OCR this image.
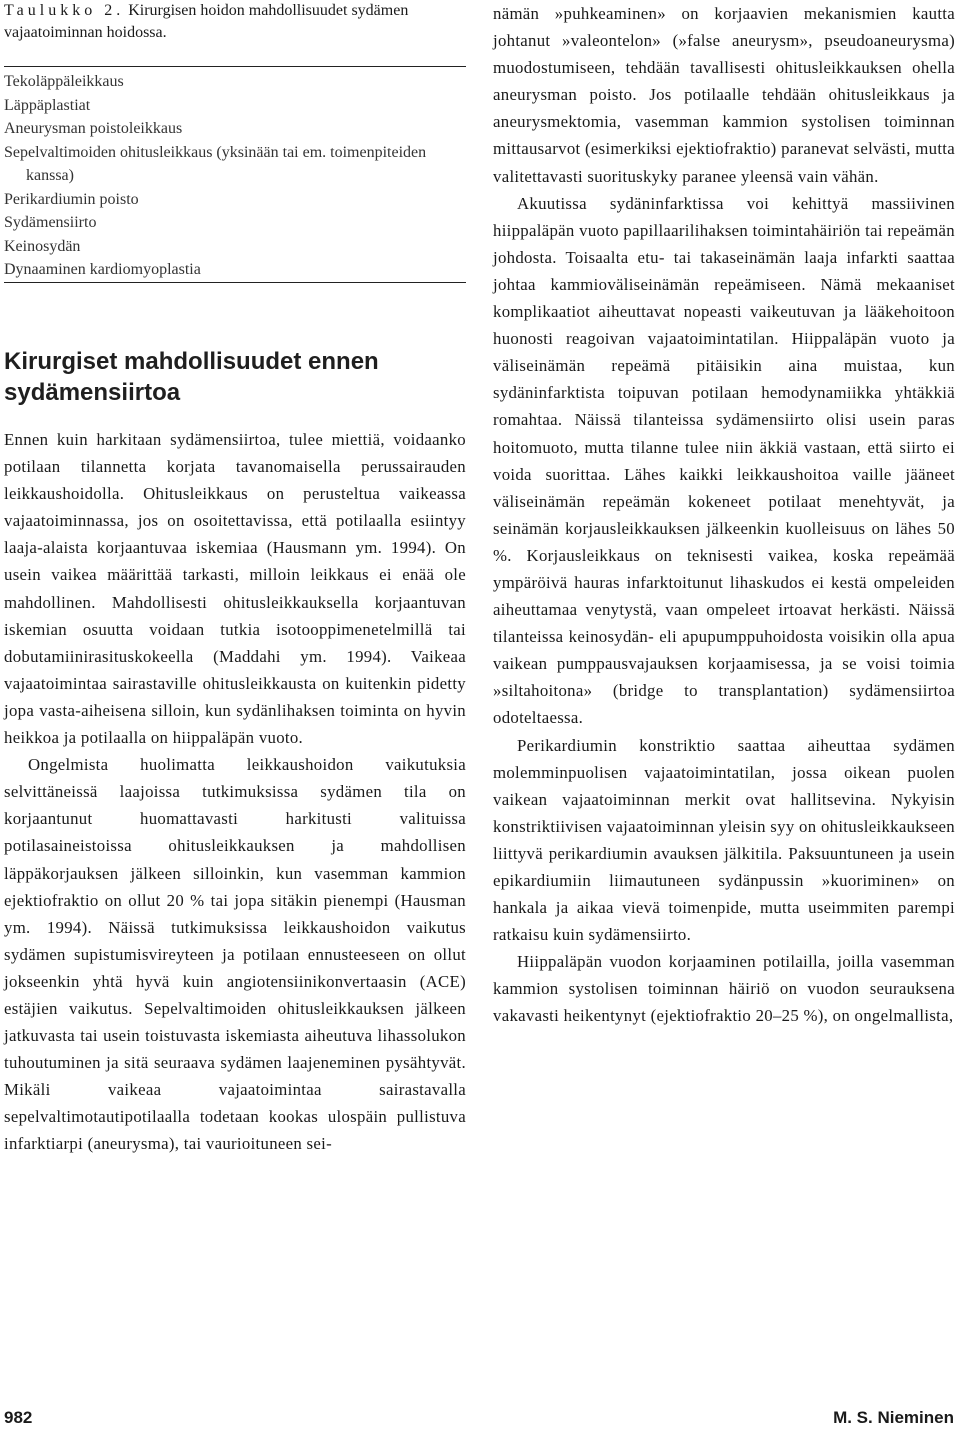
Taulukko 2. Kirurgisen hoidon mahdollisuudet sydämen vajaatoiminnan hoidossa.

Tekoläppäleikkaus
Läppäplastiat
Aneurysman poistoleikkaus
Sepelvaltimoiden ohitusleikkaus (yksinään tai em. toimenpiteiden kanssa)
Perikardiumin poisto
Sydämensiirto
Keinosydän
Dynaaminen kardiomyoplastia
Kirurgiset mahdollisuudet ennen sydämensiirtoa

Ennen kuin harkitaan sydämensiirtoa, tulee miettiä, voidaanko potilaan tilannetta korjata tavanomaisella perussairauden leikkaushoidolla. Ohitusleikkaus on perusteltua vaikeassa vajaatoiminnassa, jos on osoitettavissa, että potilaalla esiintyy laaja-alaista korjaantuvaa iskemiaa (Hausmann ym. 1994). On usein vaikea määrittää tarkasti, milloin leikkaus ei enää ole mahdollinen. Mahdollisesti ohitusleikkauksella korjaantuvan iskemian osuutta voidaan tutkia isotooppimenetelmillä tai dobutamiinirasituskokeella (Maddahi ym. 1994). Vaikeaa vajaatoimintaa sairastaville ohitusleikkausta on kuitenkin pidetty jopa vasta-aiheisena silloin, kun sydänlihaksen toiminta on hyvin heikkoa ja potilaalla on hiippaläpän vuoto.

Ongelmista huolimatta leikkaushoidon vaikutuksia selvittäneissä laajoissa tutkimuksissa sydämen tila on korjaantunut huomattavasti harkitusti valituissa potilasaineistoissa ohitusleikkauksen ja mahdollisen läppäkorjauksen jälkeen silloinkin, kun vasemman kammion ejektiofraktio on ollut 20 % tai jopa sitäkin pienempi (Hausman ym. 1994). Näissä tutkimuksissa leikkaushoidon vaikutus sydämen supistumisvireyteen ja potilaan ennusteeseen on ollut jokseenkin yhtä hyvä kuin angiotensiinikonvertaasin (ACE) estäjien vaikutus. Sepelvaltimoiden ohitusleikkauksen jälkeen jatkuvasta tai usein toistuvasta iskemiasta aiheutuva lihassolukon tuhoutuminen ja sitä seuraava sydämen laajeneminen pysähtyvät. Mikäli vaikeaa vajaatoimintaa sairastavalla sepelvaltimotautipotilaalla todetaan kookas ulospäin pullistuva infarktiarpi (aneurysma), tai vaurioituneen sei-

nämän »puhkeaminen» on korjaavien mekanismien kautta johtanut »valeontelon» (»false aneurysm», pseudoaneurysma) muodostumiseen, tehdään tavallisesti ohitusleikkauksen ohella aneurysman poisto. Jos potilaalle tehdään ohitusleikkaus ja aneurysmektomia, vasemman kammion systolisen toiminnan mittausarvot (esimerkiksi ejektiofraktio) paranevat selvästi, mutta valitettavasti suorituskyky paranee yleensä vain vähän.

Akuutissa sydäninfarktissa voi kehittyä massiivinen hiippaläpän vuoto papillaarilihaksen toimintahäiriön tai repeämän johdosta. Toisaalta etu- tai takaseinämän laaja infarkti saattaa johtaa kammioväliseinämän repeämiseen. Nämä mekaaniset komplikaatiot aiheuttavat nopeasti vaikeutuvan ja lääkehoitoon huonosti reagoivan vajaatoimintatilan. Hiippaläpän vuoto ja väliseinämän repeämä pitäisikin aina muistaa, kun sydäninfarktista toipuvan potilaan hemodynamiikka yhtäkkiä romahtaa. Näissä tilanteissa sydämensiirto olisi usein paras hoitomuoto, mutta tilanne tulee niin äkkiä vastaan, että siirto ei voida suorittaa. Lähes kaikki leikkaushoitoa vaille jääneet väliseinämän repeämän kokeneet potilaat menehtyvät, ja seinämän korjausleikkauksen jälkeenkin kuolleisuus on lähes 50 %. Korjausleikkaus on teknisesti vaikea, koska repeämää ympäröivä hauras infarktoitunut lihaskudos ei kestä ompeleiden aiheuttamaa venytystä, vaan ompeleet irtoavat herkästi. Näissä tilanteissa keinosydän- eli apupumppuhoidosta voisikin olla apua vaikean pumppausvajauksen korjaamisessa, ja se voisi toimia »siltahoitona» (bridge to transplantation) sydämensiirtoa odoteltaessa.

Perikardiumin konstriktio saattaa aiheuttaa sydämen molemminpuolisen vajaatoimintatilan, jossa oikean puolen vaikean vajaatoiminnan merkit ovat hallitsevina. Nykyisin konstriktiivisen vajaatoiminnan yleisin syy on ohitusleikkaukseen liittyvä perikardiumin avauksen jälkitila. Paksuuntuneen ja usein epikardiumiin liimautuneen sydänpussin »kuoriminen» on hankala ja aikaa vievä toimenpide, mutta useimmiten parempi ratkaisu kuin sydämensiirto.

Hiippaläpän vuodon korjaaminen potilailla, joilla vasemman kammion systolisen toiminnan häiriö on vuodon seurauksena vakavasti heikentynyt (ejektiofraktio 20–25 %), on ongelmallista,

982	M. S. Nieminen
